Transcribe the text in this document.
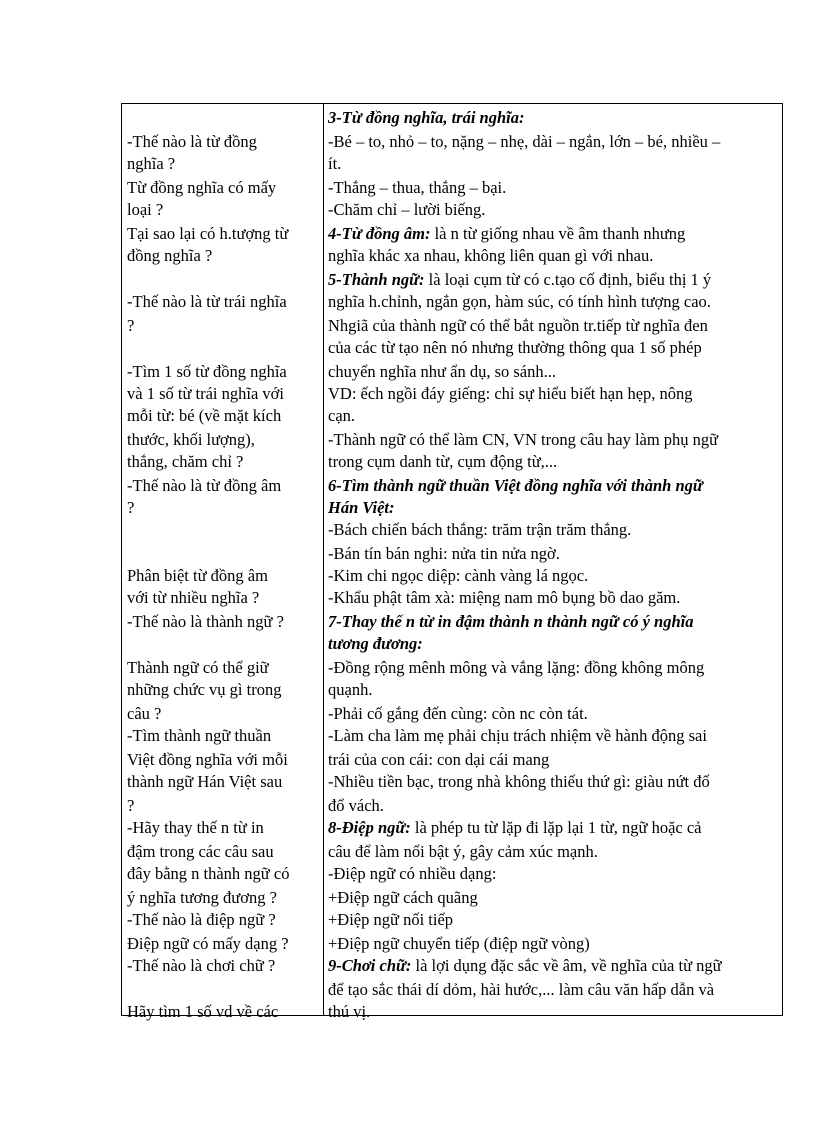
-Thế nào là từ đồng
nghĩa ?
Từ đồng nghĩa có mấy
loại ?
Tại sao lại có h.tượng từ
đồng nghĩa ?
-Thế nào là từ trái nghĩa
?
-Tìm 1 số từ đồng nghĩa
và 1 số từ trái nghĩa với
mỗi từ: bé (về mặt kích
thước, khối lượng),
thắng, chăm chỉ ?
-Thế nào là từ đồng âm
?
Phân biệt từ đồng âm
với từ nhiều nghĩa ?
-Thế nào là thành ngữ ?
Thành ngữ có thể giữ
những chức vụ gì trong
câu ?
-Tìm thành ngữ thuần
Việt đồng nghĩa với mỗi
thành ngữ Hán Việt sau
?
-Hãy thay thế n từ in
đậm trong các câu sau
đây bằng n thành ngữ có
ý nghĩa tương đương ?
-Thế nào là điệp ngữ ?
Điệp ngữ có mấy dạng ?
-Thế nào là chơi chữ ?
Hãy tìm 1 số vd về các
3-Từ đồng nghĩa, trái nghĩa:
-Bé – to, nhỏ – to, nặng – nhẹ, dài – ngắn, lớn – bé, nhiều –
ít.
-Thắng – thua, thắng – bại.
-Chăm chỉ – lười biếng.
4-Từ đồng âm: là n từ giống nhau về âm thanh nhưng
nghĩa khác xa nhau, không liên quan gì với nhau.
5-Thành ngữ: là loại cụm từ có c.tạo cố định, biểu thị 1 ý
nghĩa h.chỉnh, ngắn gọn, hàm súc, có tính hình tượng cao.
Nhgiã của thành ngữ có thể bắt nguồn tr.tiếp từ nghĩa đen
của các từ tạo nên nó nhưng thường thông qua 1 số phép
chuyển nghĩa như ẩn dụ, so sánh...
VD: ếch ngồi đáy giếng: chỉ sự hiểu biết hạn hẹp, nông
cạn.
-Thành ngữ có thể làm CN, VN trong câu hay làm phụ ngữ
trong cụm danh từ, cụm động từ,...
6-Tìm thành ngữ thuần Việt đồng nghĩa với thành ngữ
Hán Việt:
-Bách chiến bách thắng: trăm trận trăm thắng.
-Bán tín bán nghi: nửa tin nửa ngờ.
-Kim chi ngọc diệp: cành vàng lá ngọc.
-Khẩu phật tâm xà: miệng nam mô bụng bồ dao găm.
7-Thay thế n từ in đậm thành n thành ngữ có ý nghĩa
tương đương:
-Đồng rộng mênh mông và vắng lặng: đồng không mông
quạnh.
-Phải cố gắng đến cùng: còn nc còn tát.
-Làm cha làm mẹ phải chịu trách nhiệm về hành động sai
trái của con cái: con dại cái mang
-Nhiều tiền bạc, trong nhà không thiếu thứ gì: giàu nứt đố
đổ vách.
8-Điệp ngữ: là phép tu từ lặp đi lặp lại 1 từ, ngữ hoặc cả
câu để làm nổi bật ý, gây cảm xúc mạnh.
-Điệp ngữ có nhiều dạng:
+Điệp ngữ cách quãng
+Điệp ngữ nối tiếp
+Điệp ngữ chuyển tiếp (điệp ngữ vòng)
9-Chơi chữ: là lợi dụng đặc sắc về âm, về nghĩa của từ ngữ
để tạo sắc thái dí dỏm, hài hước,... làm câu văn hấp dẫn và
thú vị.
